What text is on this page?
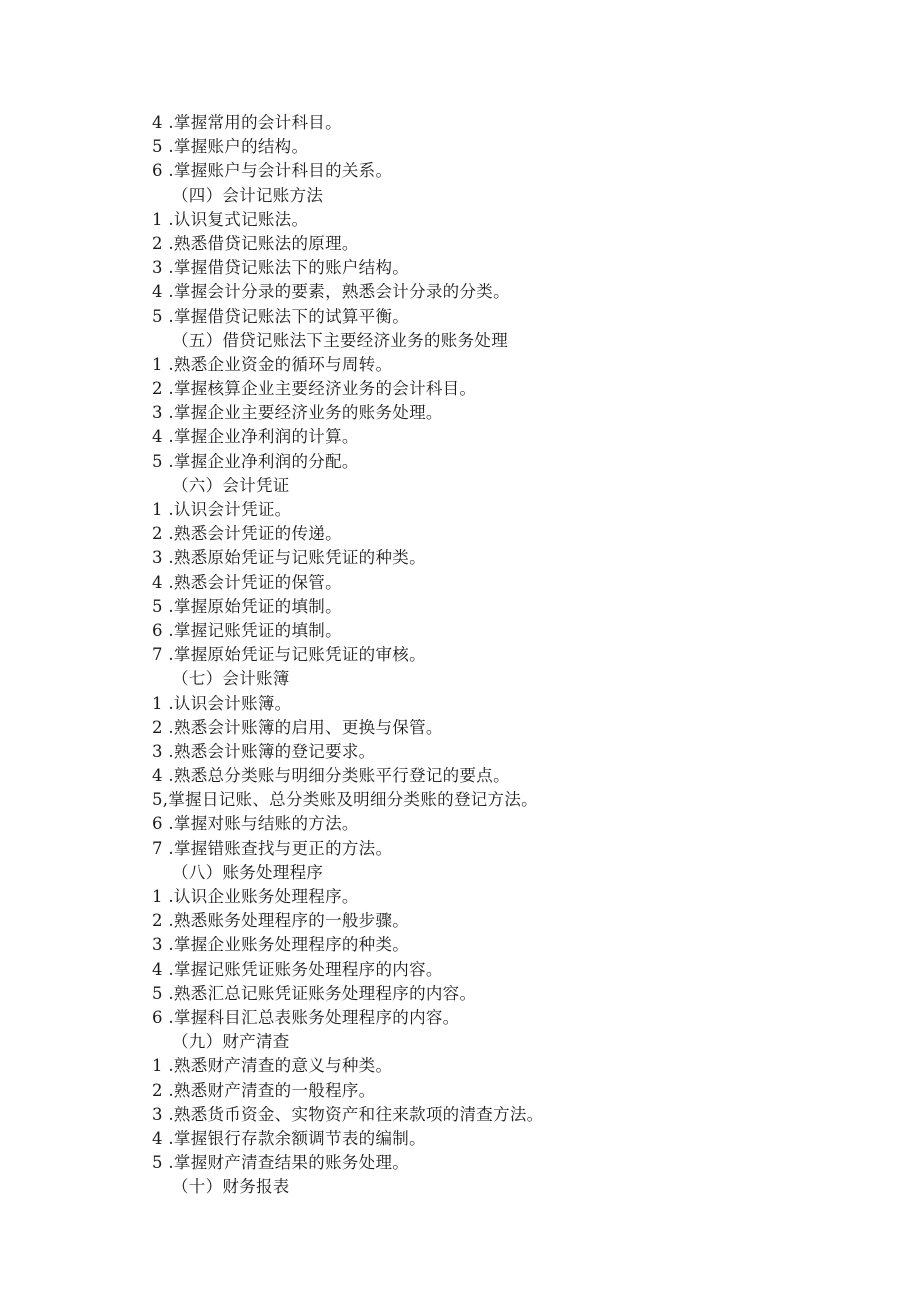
4 .掌握常用的会计科目。
5 .掌握账户的结构。
6 .掌握账户与会计科目的关系。
（四）会计记账方法
1 .认识复式记账法。
2 .熟悉借贷记账法的原理。
3 .掌握借贷记账法下的账户结构。
4 .掌握会计分录的要素，熟悉会计分录的分类。
5 .掌握借贷记账法下的试算平衡。
（五）借贷记账法下主要经济业务的账务处理
1 .熟悉企业资金的循环与周转。
2 .掌握核算企业主要经济业务的会计科目。
3 .掌握企业主要经济业务的账务处理。
4 .掌握企业净利润的计算。
5 .掌握企业净利润的分配。
（六）会计凭证
1 .认识会计凭证。
2 .熟悉会计凭证的传递。
3 .熟悉原始凭证与记账凭证的种类。
4 .熟悉会计凭证的保管。
5 .掌握原始凭证的填制。
6 .掌握记账凭证的填制。
7 .掌握原始凭证与记账凭证的审核。
（七）会计账簿
1 .认识会计账簿。
2 .熟悉会计账簿的启用、更换与保管。
3 .熟悉会计账簿的登记要求。
4 .熟悉总分类账与明细分类账平行登记的要点。
5,掌握日记账、总分类账及明细分类账的登记方法。
6 .掌握对账与结账的方法。
7 .掌握错账查找与更正的方法。
（八）账务处理程序
1 .认识企业账务处理程序。
2 .熟悉账务处理程序的一般步骤。
3 .掌握企业账务处理程序的种类。
4 .掌握记账凭证账务处理程序的内容。
5 .熟悉汇总记账凭证账务处理程序的内容。
6 .掌握科目汇总表账务处理程序的内容。
（九）财产清查
1 .熟悉财产清查的意义与种类。
2 .熟悉财产清查的一般程序。
3 .熟悉货币资金、实物资产和往来款项的清查方法。
4 .掌握银行存款余额调节表的编制。
5 .掌握财产清查结果的账务处理。
（十）财务报表
